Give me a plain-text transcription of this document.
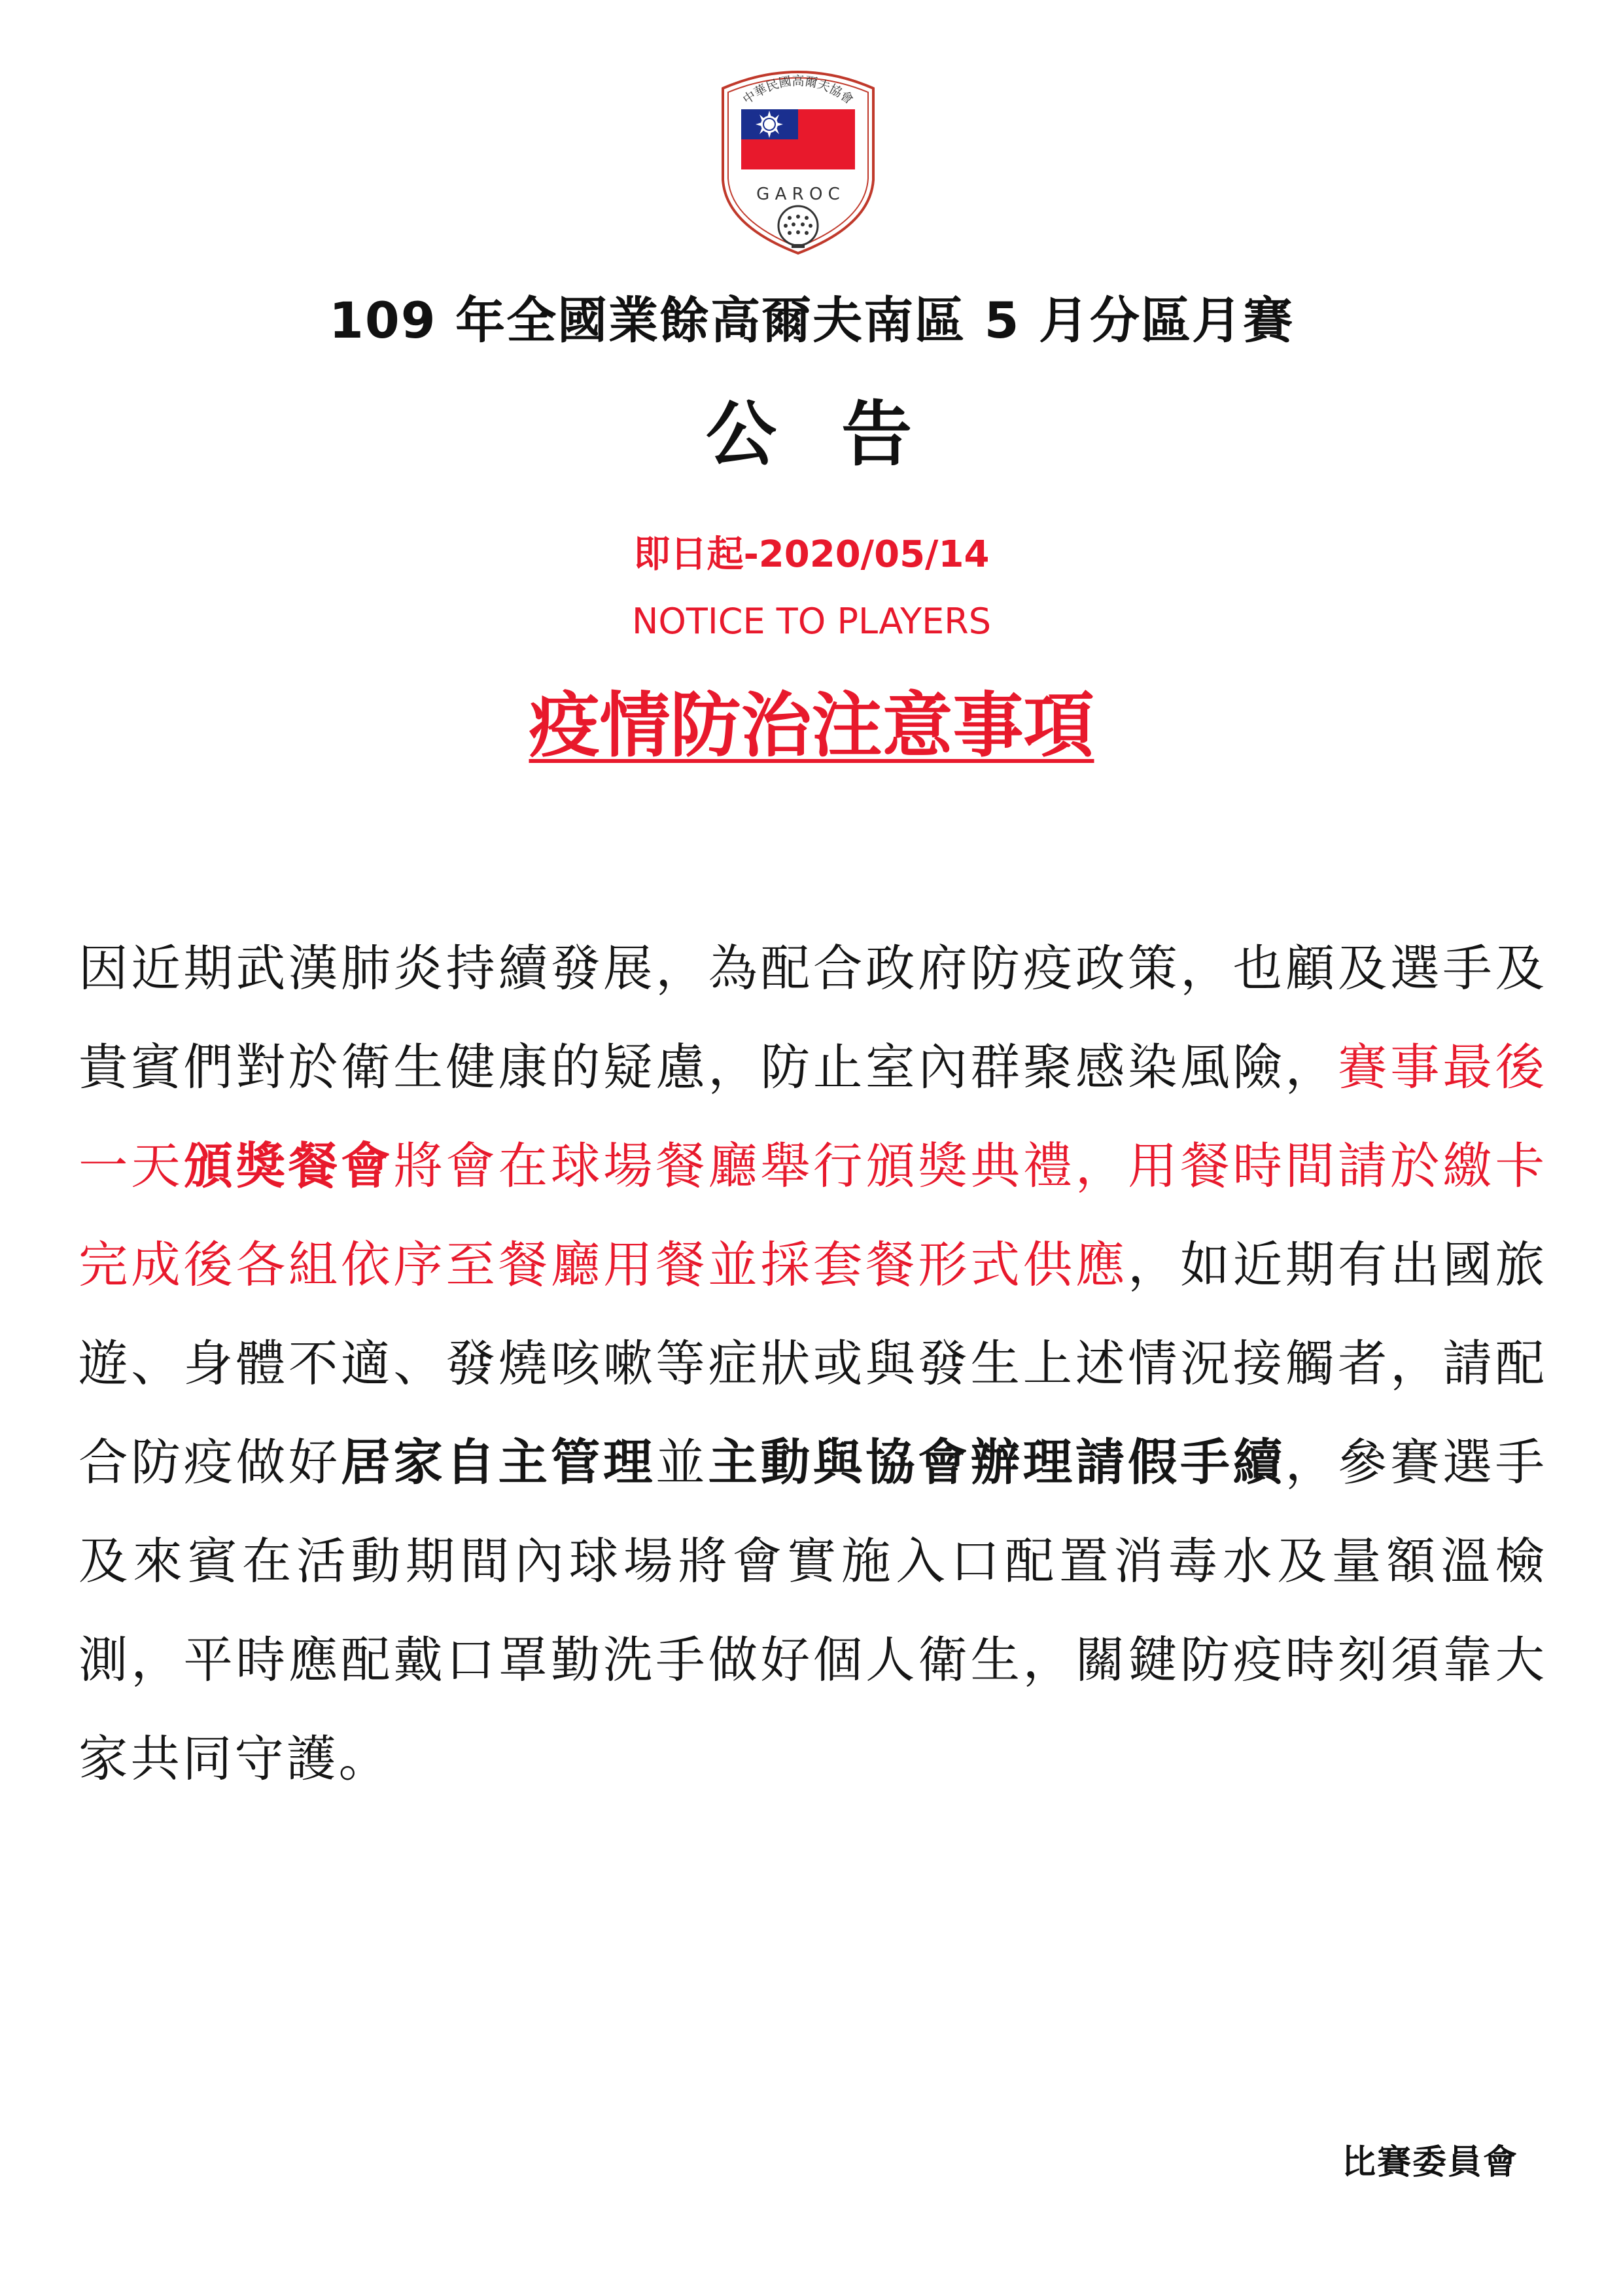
中華民國高爾夫協會
G A R O C
109 年全國業餘高爾夫南區 5 月分區月賽
公  告
即日起-2020/05/14
NOTICE TO PLAYERS
疫情防治注意事項
因近期武漢肺炎持續發展，為配合政府防疫政策，也顧及選手及貴賓們對於衛生健康的疑慮，防止室內群聚感染風險，賽事最後一天頒獎餐會將會在球場餐廳舉行頒獎典禮，用餐時間請於繳卡完成後各組依序至餐廳用餐並採套餐形式供應，如近期有出國旅遊、身體不適、發燒咳嗽等症狀或與發生上述情況接觸者，請配合防疫做好居家自主管理並主動與協會辦理請假手續，參賽選手及來賓在活動期間內球場將會實施入口配置消毒水及量額溫檢測，平時應配戴口罩勤洗手做好個人衛生，關鍵防疫時刻須靠大家共同守護。
比賽委員會
